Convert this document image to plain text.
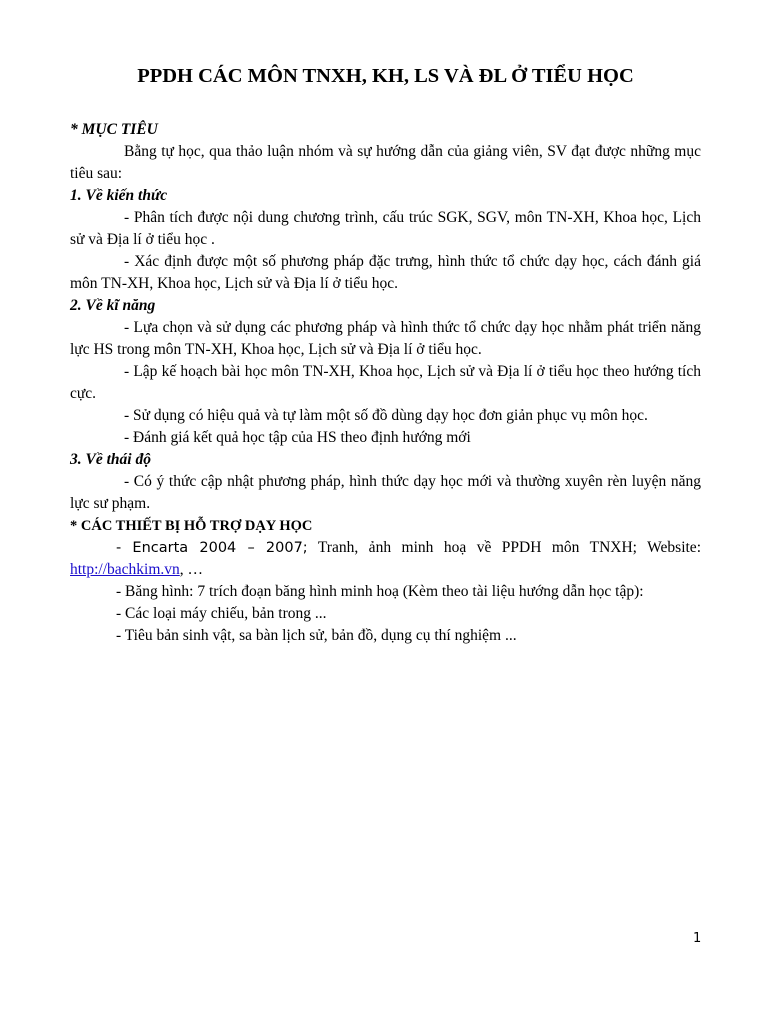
PPDH CÁC MÔN TNXH, KH, LS VÀ ĐL Ở TIỂU HỌC

* MỤC TIÊU

Bằng tự học, qua thảo luận nhóm và sự hướng dẫn của giảng viên, SV đạt được những mục tiêu sau:

1. Về kiến thức

- Phân tích được nội dung chương trình, cấu trúc SGK, SGV, môn TN-XH, Khoa học, Lịch sử và Địa lí ở tiểu học .

- Xác định được một số phương pháp đặc trưng, hình thức tổ chức dạy học, cách đánh giá môn TN-XH, Khoa học, Lịch sử và Địa lí ở tiểu học.

2. Về kĩ năng

- Lựa chọn và sử dụng các phương pháp và hình thức tổ chức dạy học nhằm phát triển năng lực HS trong môn TN-XH, Khoa học, Lịch sử và Địa lí ở tiểu học.

- Lập kế hoạch bài học môn TN-XH, Khoa học, Lịch sử và Địa lí ở tiểu học theo hướng tích cực.

- Sử dụng có hiệu quả và tự làm một số đồ dùng dạy học đơn giản phục vụ môn học.

- Đánh giá kết quả học tập của HS theo định hướng mới

3. Về thái độ

- Có ý thức cập nhật phương pháp, hình thức dạy học mới và thường xuyên rèn luyện năng lực sư phạm.

* CÁC THIẾT BỊ HỖ TRỢ DẠY HỌC

- Encarta 2004 – 2007; Tranh, ảnh minh hoạ về PPDH môn TNXH; Website: http://bachkim.vn, …

- Băng hình: 7 trích đoạn băng hình minh hoạ (Kèm theo tài liệu hướng dẫn học tập):

- Các loại máy chiếu, bản trong ...

- Tiêu bản sinh vật, sa bàn lịch sử, bản đồ, dụng cụ thí nghiệm ...

1
